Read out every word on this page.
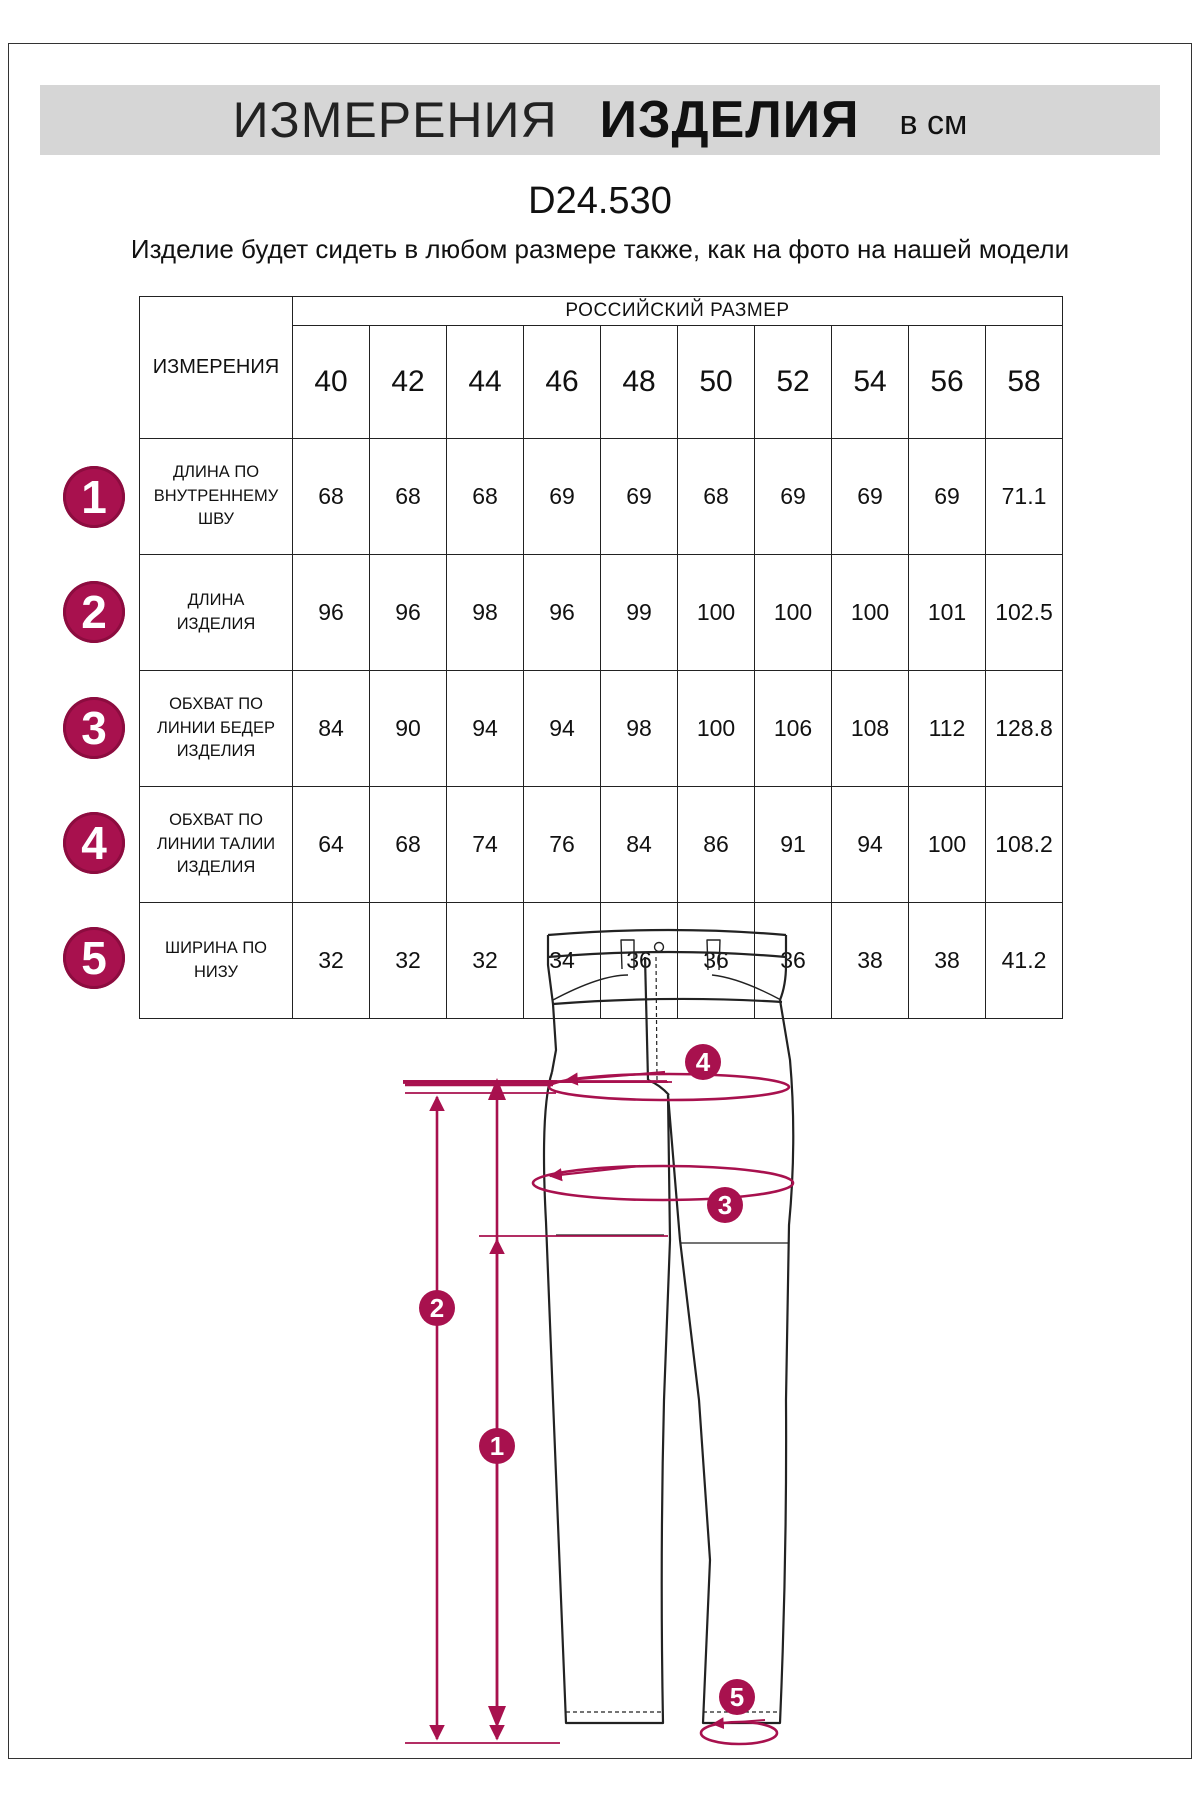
ИЗМЕРЕНИЯ ИЗДЕЛИЯ в см
D24.530
Изделие будет сидеть в любом размере также, как на фото на нашей модели
ИЗМЕРЕНИЯ	РОССИЙСКИЙ РАЗМЕР									
	40	42	44	46	48	50	52	54	56	58

ДЛИНА ПО
ВНУТРЕННЕМУ
ШВУ	68	68	68	69	69	68	69	69	69	71.1

ДЛИНА
ИЗДЕЛИЯ	96	96	98	96	99	100	100	100	101	102.5

ОБХВАТ ПО
ЛИНИИ БЕДЕР
ИЗДЕЛИЯ	84	90	94	94	98	100	106	108	112	128.8

ОБХВАТ ПО
ЛИНИИ ТАЛИИ
ИЗДЕЛИЯ	64	68	74	76	84	86	91	94	100	108.2

ШИРИНА ПО
НИЗУ	32	32	32	34	36	36	36	38	38	41.2
1
2
3
4
5
2
1
4
3
5
